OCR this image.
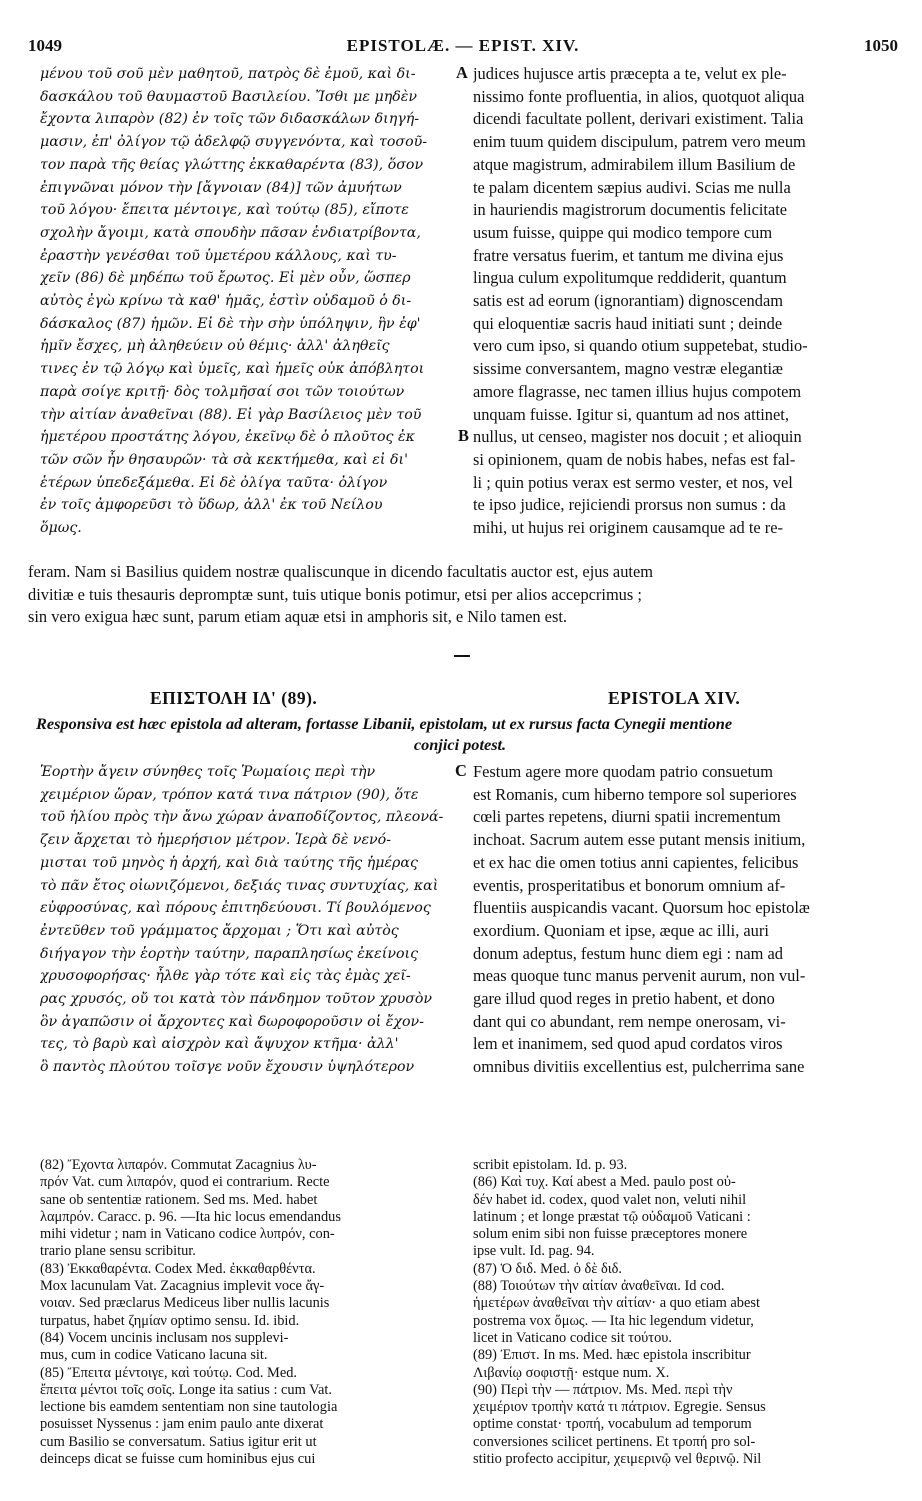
1049	EPISTOLÆ. — EPIST. XIV.	1050
μένου τοῦ σοῦ μὲν μαθητοῦ, πατρὸς δὲ ἐμοῦ, καὶ δι-
δασκάλου τοῦ θαυμαστοῦ Βασιλείου. Ἴσθι με μηδὲν
ἔχοντα λιπαρὸν (82) ἐν τοῖς τῶν διδασκάλων διηγή-
μασιν, ἐπ' ὀλίγον τῷ ἀδελφῷ συγγενόντα, καὶ τοσοῦ-
τον παρὰ τῆς θείας γλώττης ἐκκαθαρέντα (83), ὅσον
ἐπιγνῶναι μόνον τὴν [ἄγνοιαν (84)] τῶν ἀμυήτων
τοῦ λόγου· ἔπειτα μέντοιγε, καὶ τούτῳ (85), εἴποτε
σχολὴν ἄγοιμι, κατὰ σπουδὴν πᾶσαν ἐνδιατρίβοντα,
ἐραστὴν γενέσθαι τοῦ ὑμετέρου κάλλους, καὶ τυ-
χεῖν (86) δὲ μηδέπω τοῦ ἔρωτος. Εἰ μὲν οὖν, ὥσπερ
αὐτὸς ἐγὼ κρίνω τὰ καθ' ἡμᾶς, ἐστὶν οὐδαμοῦ ὁ δι-
δάσκαλος (87) ἡμῶν. Εἰ δὲ τὴν σὴν ὑπόληψιν, ἣν ἐφ'
ἡμῖν ἔσχες, μὴ ἀληθεύειν οὐ θέμις· ἀλλ' ἀληθεῖς
τινες ἐν τῷ λόγῳ καὶ ὑμεῖς, καὶ ἡμεῖς οὐκ ἀπόβλητοι
παρὰ σοίγε κριτῇ· δὸς τολμῆσαί σοι τῶν τοιούτων
τὴν αἰτίαν ἀναθεῖναι (88). Εἰ γὰρ Βασίλειος μὲν τοῦ
ἡμετέρου προστάτης λόγου, ἐκεῖνῳ δὲ ὁ πλοῦτος ἐκ
τῶν σῶν ἦν θησαυρῶν· τὰ σὰ κεκτήμεθα, καὶ εἰ δι'
ἑτέρων ὑπεδεξάμεθα. Εἰ δὲ ὀλίγα ταῦτα· ὀλίγον
ἐν τοῖς ἀμφορεῦσι τὸ ὕδωρ, ἀλλ' ἐκ τοῦ Νείλου
ὅμως.
judices hujusce artis præcepta a te, velut ex ple-
nissimo fonte profluentia, in alios, quotquot aliqua
dicendi facultate pollent, derivari existiment. Talia
enim tuum quidem discipulum, patrem vero meum
atque magistrum, admirabilem illum Basilium de
te palam dicentem sæpius audivi. Scias me nulla
in hauriendis magistrorum documentis felicitate
usum fuisse, quippe qui modico tempore cum
fratre versatus fuerim, et tantum me divina ejus
lingua culum expolitumque reddiderit, quantum
satis est ad eorum (ignorantiam) dignoscendam
qui eloquentiæ sacris haud initiati sunt ; deinde
vero cum ipso, si quando otium suppetebat, studio-
sissime conversantem, magno vestræ elegantiæ
amore flagrasse, nec tamen illius hujus compotem
unquam fuisse. Igitur si, quantum ad nos attinet,
nullus, ut censeo, magister nos docuit ; et alioquin
si opinionem, quam de nobis habes, nefas est fal-
li ; quin potius verax est sermo vester, et nos, vel
te ipso judice, rejiciendi prorsus non sumus : da
mihi, ut hujus rei originem causamque ad te re-
A
B
feram. Nam si Basilius quidem nostræ qualiscunque in dicendo facultatis auctor est, ejus autem
divitiæ e tuis thesauris depromptæ sunt, tuis utique bonis potimur, etsi per alios accepcrimus ;
sin vero exigua hæc sunt, parum etiam aquæ etsi in amphoris sit, e Nilo tamen est.
ΕΠΙΣΤΟΛΗ ΙΔ' (89).	EPISTOLA XIV.
Responsiva est hæc epistola ad alteram, fortasse Libanii, epistolam, ut ex rursus facta Cynegii mentione
conjici potest.
Ἑορτὴν ἄγειν σύνηθες τοῖς Ῥωμαίοις περὶ τὴν
χειμέριον ὥραν, τρόπον κατά τινα πάτριον (90), ὅτε
τοῦ ἡλίου πρὸς τὴν ἄνω χώραν ἀναποδίζοντος, πλεονά-
ζειν ἄρχεται τὸ ἡμερήσιον μέτρον. Ἱερὰ δὲ νενό-
μισται τοῦ μηνὸς ἡ ἀρχή, καὶ διὰ ταύτης τῆς ἡμέρας
τὸ πᾶν ἔτος οἰωνιζόμενοι, δεξιάς τινας συντυχίας, καὶ
εὐφροσύνας, καὶ πόρους ἐπιτηδεύουσι. Τί βουλόμενος
ἐντεῦθεν τοῦ γράμματος ἄρχομαι ; Ὅτι καὶ αὐτὸς
διήγαγον τὴν ἑορτὴν ταύτην, παραπλησίως ἐκείνοις
χρυσοφορήσας· ἦλθε γὰρ τότε καὶ εἰς τὰς ἐμὰς χεῖ-
ρας χρυσός, οὔ τοι κατὰ τὸν πάνδημον τοῦτον χρυσὸν
ὃν ἀγαπῶσιν οἱ ἄρχοντες καὶ δωροφοροῦσιν οἱ ἔχον-
τες, τὸ βαρὺ καὶ αἰσχρὸν καὶ ἄψυχον κτῆμα· ἀλλ'
ὃ παντὸς πλούτου τοῖσγε νοῦν ἔχουσιν ὑψηλότερον
Festum agere more quodam patrio consuetum
est Romanis, cum hiberno tempore sol superiores
cœli partes repetens, diurni spatii incrementum
inchoat. Sacrum autem esse putant mensis initium,
et ex hac die omen totius anni capientes, felicibus
eventis, prosperitatibus et bonorum omnium af-
fluentiis auspicandis vacant. Quorsum hoc epistolæ
exordium. Quoniam et ipse, æque ac illi, auri
donum adeptus, festum hunc diem egi : nam ad
meas quoque tunc manus pervenit aurum, non vul-
gare illud quod reges in pretio habent, et dono
dant qui co abundant, rem nempe onerosam, vi-
lem et inanimem, sed quod apud cordatos viros
omnibus divitiis excellentius est, pulcherrima sane
C
(82) Ἔχοντα λιπαρόν. Commutat Zacagnius λυ-
πρόν Vat. cum λιπαρόν, quod ei contrarium. Recte
sane ob sententiæ rationem. Sed ms. Med. habet
λαμπρόν. Caracc. p. 96. —Ita hic locus emendandus
mihi videtur ; nam in Vaticano codice λυπρόν, con-
trario plane sensu scribitur.
(83) Ἐκκαθαρέντα. Codex Med. ἐκκαθαρθέντα.
Mox lacunulam Vat. Zacagnius implevit voce ἄγ-
νοιαν. Sed præclarus Mediceus liber nullis lacunis
turpatus, habet ζημίαν optimo sensu. Id. ibid.
(84) Vocem uncinis inclusam nos supplevi-
mus, cum in codice Vaticano lacuna sit.
(85) Ἔπειτα μέντοιγε, καὶ τούτῳ. Cod. Med.
ἔπειτα μέντοι τοῖς σοῖς. Longe ita satius : cum Vat.
lectione bis eamdem sententiam non sine tautologia
posuisset Nyssenus : jam enim paulo ante dixerat
cum Basilio se conversatum. Satius igitur erit ut
deinceps dicat se fuisse cum hominibus ejus cui
scribit epistolam. Id. p. 93.
(86) Καὶ τυχ. Καί abest a Med. paulo post οὐ-
δέν habet id. codex, quod valet non, veluti nihil
latinum ; et longe præstat τῷ οὐδαμοῦ Vaticani :
solum enim sibi non fuisse præceptores monere
ipse vult. Id. pag. 94.
(87) Ὁ διδ. Med. ὁ δὲ διδ.
(88) Τοιούτων τὴν αἰτίαν ἀναθεῖναι. Id cod.
ἡμετέρων ἀναθεῖναι τὴν αἰτίαν· a quo etiam abest
postrema vox ὅμως. — Ita hic legendum videtur,
licet in Vaticano codice sit τούτου.
(89) Ἐπιστ. In ms. Med. hæc epistola inscribitur
Λιβανίῳ σοφιστῇ· estque num. X.
(90) Περὶ τὴν — πάτριον. Ms. Med. περὶ τὴν
χειμέριον τροπὴν κατά τι πάτριον. Egregie. Sensus
optime constat· τροπή, vocabulum ad temporum
conversiones scilicet pertinens. Et τροπή pro sol-
stitio profecto accipitur, χειμερινῷ vel θερινῷ. Nil
